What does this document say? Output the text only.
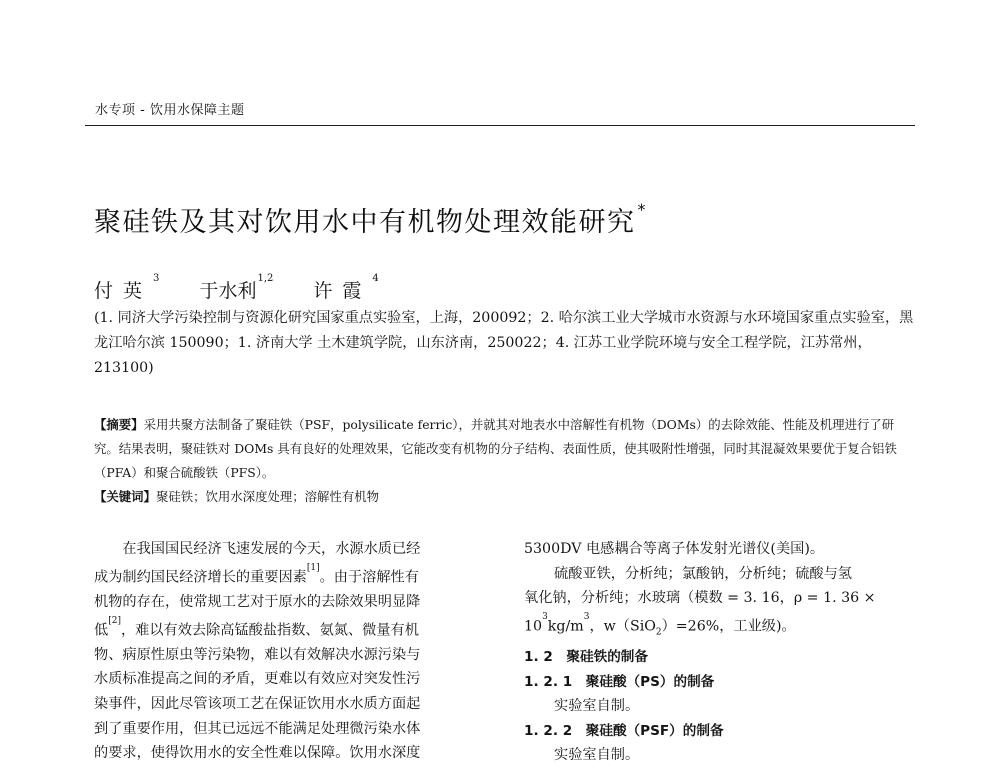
水专项 - 饮用水保障主题
聚硅铁及其对饮用水中有机物处理效能研究 *
付英$^3$ 于水利$^{1,2}$ 许霞$^4$
(1. 同济大学污染控制与资源化研究国家重点实验室，上海，200092；2. 哈尔滨工业大学城市水资源与水环境国家重点实验室，黑龙江哈尔滨 150090；1. 济南大学 土木建筑学院，山东济南，250022；4. 江苏工业学院环境与安全工程学院，江苏常州，213100)
【摘要】采用共聚方法制备了聚硅铁（PSF，polysilicate ferric），并就其对地表水中溶解性有机物（DOMs）的去除效能、性能及机理进行了研究。结果表明，聚硅铁对 DOMs 具有良好的处理效果，它能改变有机物的分子结构、表面性质，使其吸附性增强，同时其混凝效果要优于复合铝铁（PFA）和聚合硫酸铁（PFS）。
【关键词】聚硅铁；饮用水深度处理；溶解性有机物
　　在我国国民经济飞速发展的今天，水源水质已经
成为制约国民经济增长的重要因素[1]。由于溶解性有
机物的存在，使常规工艺对于原水的去除效果明显降
低[2]，难以有效去除高锰酸盐指数、氨氮、微量有机
物、病原性原虫等污染物，难以有效解决水源污染与
水质标准提高之间的矛盾，更难以有效应对突发性污
染事件，因此尽管该项工艺在保证饮用水水质方面起
到了重要作用，但其已远远不能满足处理微污染水体
的要求，使得饮用水的安全性难以保障。饮用水深度
5300DV 电感耦合等离子体发射光谱仪(美国)。
硫酸亚铁，分析纯；氯酸钠，分析纯；硫酸与氢
氧化钠，分析纯；水玻璃（模数 = 3. 16，ρ = 1. 36 ×
$10^3kg/m^3$，w（SiO$_2$）=26%，工业级)。
1. 2　聚硅铁的制备
1. 2. 1　聚硅酸（PS）的制备
实验室自制。
1. 2. 2　聚硅酸（PSF）的制备
实验室自制。
